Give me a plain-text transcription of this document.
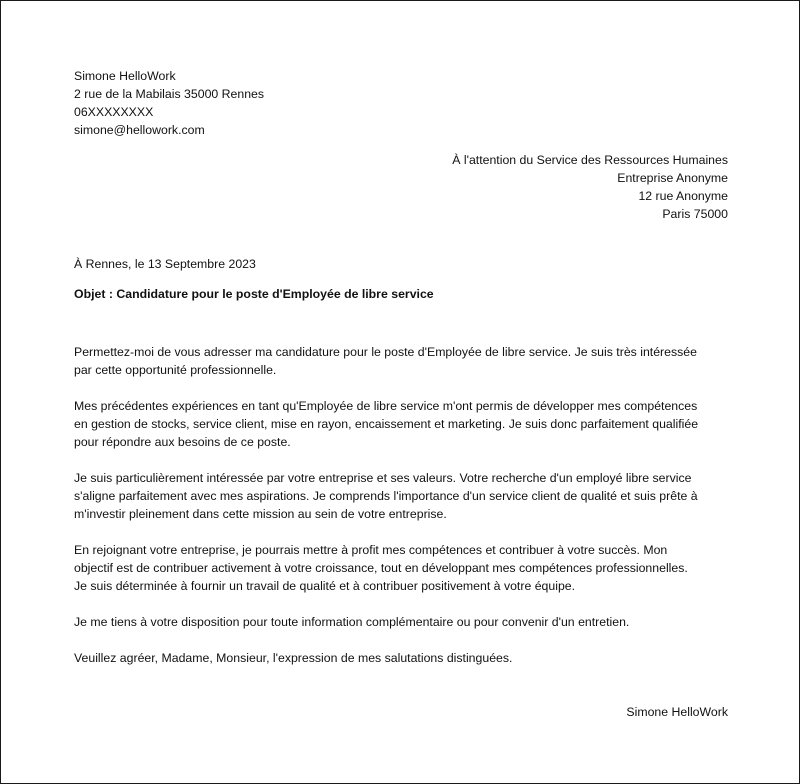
Simone HelloWork
2 rue de la Mabilais 35000 Rennes
06XXXXXXXX
simone@hellowork.com
À l'attention du Service des Ressources Humaines
Entreprise Anonyme
12 rue Anonyme
Paris 75000
À Rennes, le 13 Septembre 2023
Objet : Candidature pour le poste d'Employée de libre service

Permettez-moi de vous adresser ma candidature pour le poste d'Employée de libre service. Je suis très intéressée
par cette opportunité professionnelle.

Mes précédentes expériences en tant qu'Employée de libre service m'ont permis de développer mes compétences
en gestion de stocks, service client, mise en rayon, encaissement et marketing. Je suis donc parfaitement qualifiée
pour répondre aux besoins de ce poste.

Je suis particulièrement intéressée par votre entreprise et ses valeurs. Votre recherche d'un employé libre service
s'aligne parfaitement avec mes aspirations. Je comprends l'importance d'un service client de qualité et suis prête à
m'investir pleinement dans cette mission au sein de votre entreprise.

En rejoignant votre entreprise, je pourrais mettre à profit mes compétences et contribuer à votre succès. Mon
objectif est de contribuer activement à votre croissance, tout en développant mes compétences professionnelles.
Je suis déterminée à fournir un travail de qualité et à contribuer positivement à votre équipe.

Je me tiens à votre disposition pour toute information complémentaire ou pour convenir d'un entretien.

Veuillez agréer, Madame, Monsieur, l'expression de mes salutations distinguées.

Simone HelloWork
